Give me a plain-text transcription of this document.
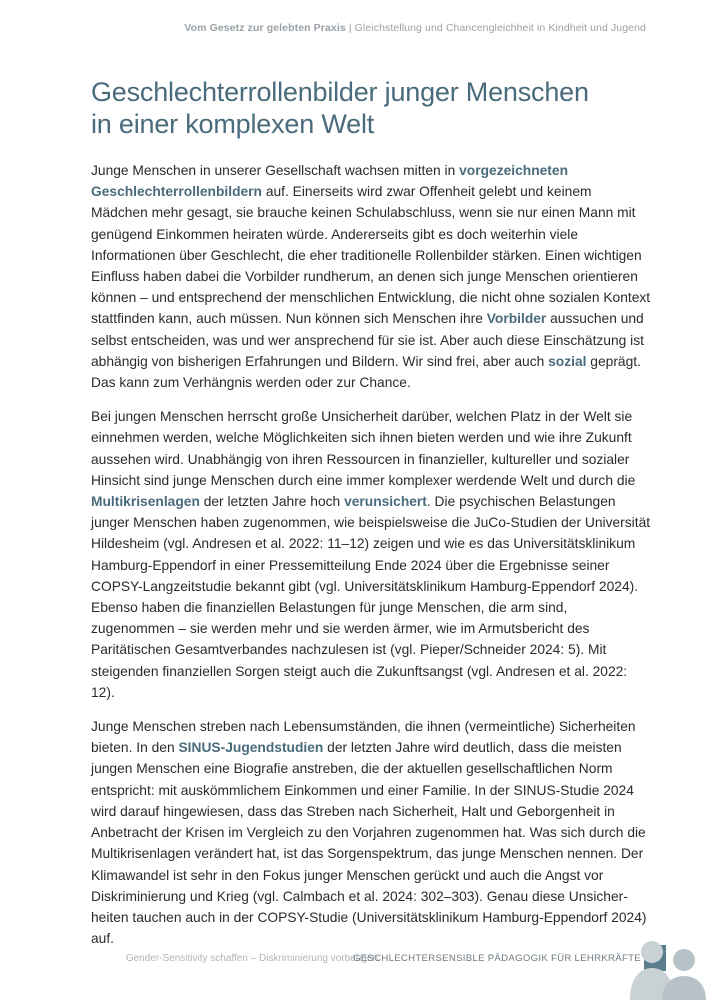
Vom Gesetz zur gelebten Praxis | Gleichstellung und Chancengleichheit in Kindheit und Jugend
Geschlechterrollenbilder junger Menschen
in einer komplexen Welt

Junge Menschen in unserer Gesellschaft wachsen mitten in vorgezeichneten Geschlechterrollenbildern auf. Einerseits wird zwar Offenheit gelebt und keinem Mädchen mehr gesagt, sie brauche keinen Schulabschluss, wenn sie nur einen Mann mit genügend Einkommen heiraten würde. Andererseits gibt es doch weiterhin viele Informationen über Geschlecht, die eher traditionelle Rollenbilder stärken. Einen wichtigen Einfluss haben dabei die Vorbilder rundherum, an denen sich junge Menschen orientieren können – und entsprechend der menschlichen Entwicklung, die nicht ohne sozialen Kontext stattfinden kann, auch müssen. Nun können sich Menschen ihre Vorbilder aussuchen und selbst entscheiden, was und wer ansprechend für sie ist. Aber auch diese Einschätzung ist abhängig von bisherigen Erfahrungen und Bildern. Wir sind frei, aber auch sozial geprägt. Das kann zum Verhängnis werden oder zur Chance.

Bei jungen Menschen herrscht große Unsicherheit darüber, welchen Platz in der Welt sie einnehmen werden, welche Möglichkeiten sich ihnen bieten werden und wie ihre Zukunft aussehen wird. Unabhängig von ihren Ressourcen in finanzieller, kultureller und sozialer Hinsicht sind junge Menschen durch eine immer komplexer werdende Welt und durch die Multikrisenlagen der letzten Jahre hoch verunsichert. Die psychischen Belastungen junger Menschen haben zugenommen, wie beispielsweise die JuCo-Studien der Universität Hildesheim (vgl. Andresen et al. 2022: 11–12) zeigen und wie es das Universitätsklinikum Hamburg-Eppendorf in einer Pressemitteilung Ende 2024 über die Ergebnisse seiner COPSY-Langzeitstudie bekannt gibt (vgl. Universitätsklinikum Hamburg-Eppendorf 2024). Ebenso haben die finanziellen Belastungen für junge Menschen, die arm sind, zugenommen – sie werden mehr und sie werden ärmer, wie im Armutsbericht des Paritätischen Gesamtverbandes nachzulesen ist (vgl. Pieper/Schneider 2024: 5). Mit steigenden finanziellen Sorgen steigt auch die Zukunftsangst (vgl. Andresen et al. 2022: 12).

Junge Menschen streben nach Lebensumständen, die ihnen (vermeintliche) Sicherheiten bieten. In den SINUS-Jugendstudien der letzten Jahre wird deutlich, dass die meisten jungen Menschen eine Biografie anstreben, die der aktuellen gesellschaftlichen Norm entspricht: mit auskömmlichem Einkommen und einer Familie. In der SINUS-Studie 2024 wird darauf hingewiesen, dass das Streben nach Sicherheit, Halt und Geborgenheit in Anbetracht der Krisen im Vergleich zu den Vorjahren zugenommen hat. Was sich durch die Multikrisenlagen verändert hat, ist das Sorgenspektrum, das junge Menschen nennen. Der Klimawandel ist sehr in den Fokus junger Menschen gerückt und auch die Angst vor Diskriminierung und Krieg (vgl. Calmbach et al. 2024: 302–303). Genau diese Unsicherheiten tauchen auch in der COPSY-Studie (Universitätsklinikum Hamburg-Eppendorf 2024) auf.

Gender-Sensitivity schaffen – Diskriminierung vorbeugen
GESCHLECHTERSENSIBLE PÄDAGOGIK FÜR LEHRKRÄFTE
